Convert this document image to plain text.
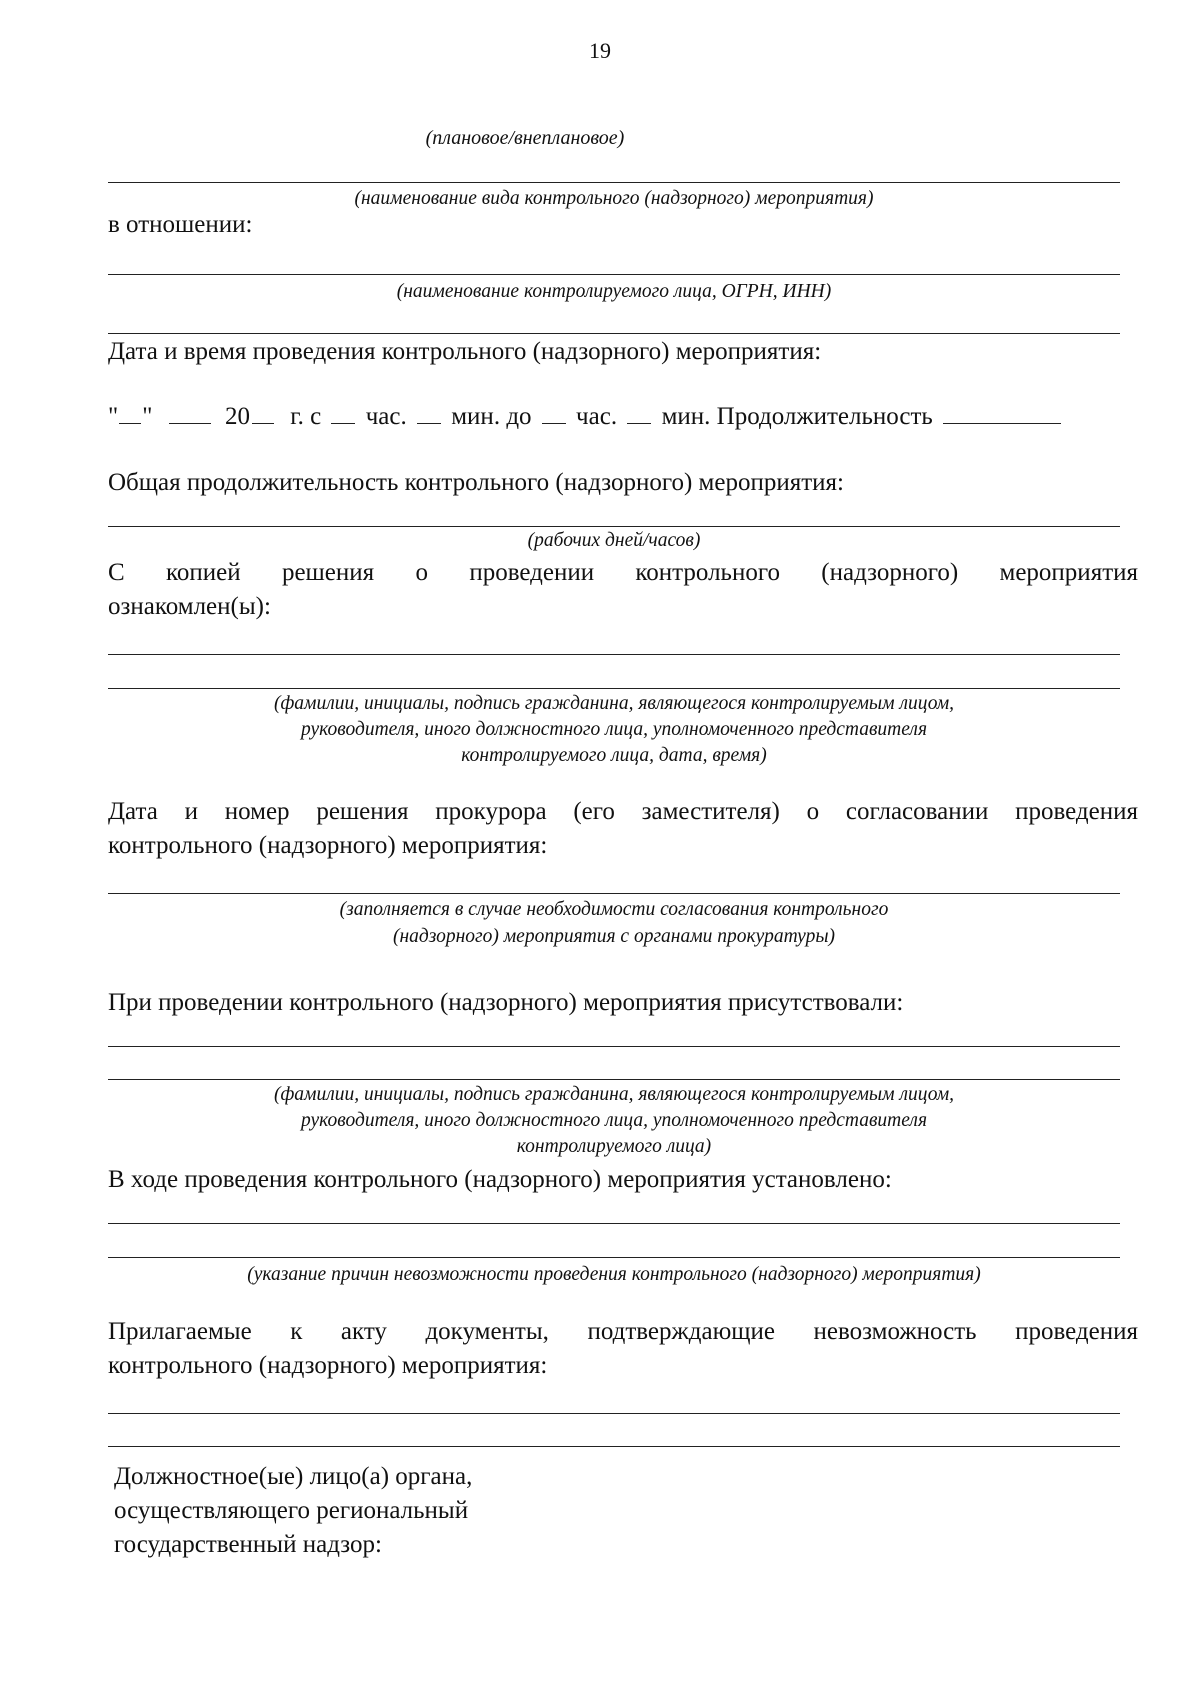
19
(плановое/внеплановое)
(наименование вида контрольного (надзорного) мероприятия)
в отношении:
(наименование контролируемого лица, ОГРН, ИНН)
Дата и время проведения контрольного (надзорного) мероприятия:
" "	20 г. с час. мин. до час. мин. Продолжительность
Общая продолжительность контрольного (надзорного) мероприятия:
(рабочих дней/часов)
С копией решения о проведении контрольного (надзорного) мероприятия
ознакомлен(ы):
(фамилии, инициалы, подпись гражданина, являющегося контролируемым лицом,
руководителя, иного должностного лица, уполномоченного представителя
контролируемого лица, дата, время)
Дата и номер решения прокурора (его заместителя) о согласовании проведения
контрольного (надзорного) мероприятия:
(заполняется в случае необходимости согласования контрольного
(надзорного) мероприятия с органами прокуратуры)
При проведении контрольного (надзорного) мероприятия присутствовали:
(фамилии, инициалы, подпись гражданина, являющегося контролируемым лицом,
руководителя, иного должностного лица, уполномоченного представителя
контролируемого лица)
В ходе проведения контрольного (надзорного) мероприятия установлено:
(указание причин невозможности проведения контрольного (надзорного) мероприятия)
Прилагаемые к акту документы, подтверждающие невозможность проведения
контрольного (надзорного) мероприятия:
Должностное(ые) лицо(а) органа,
осуществляющего региональный
государственный надзор:
